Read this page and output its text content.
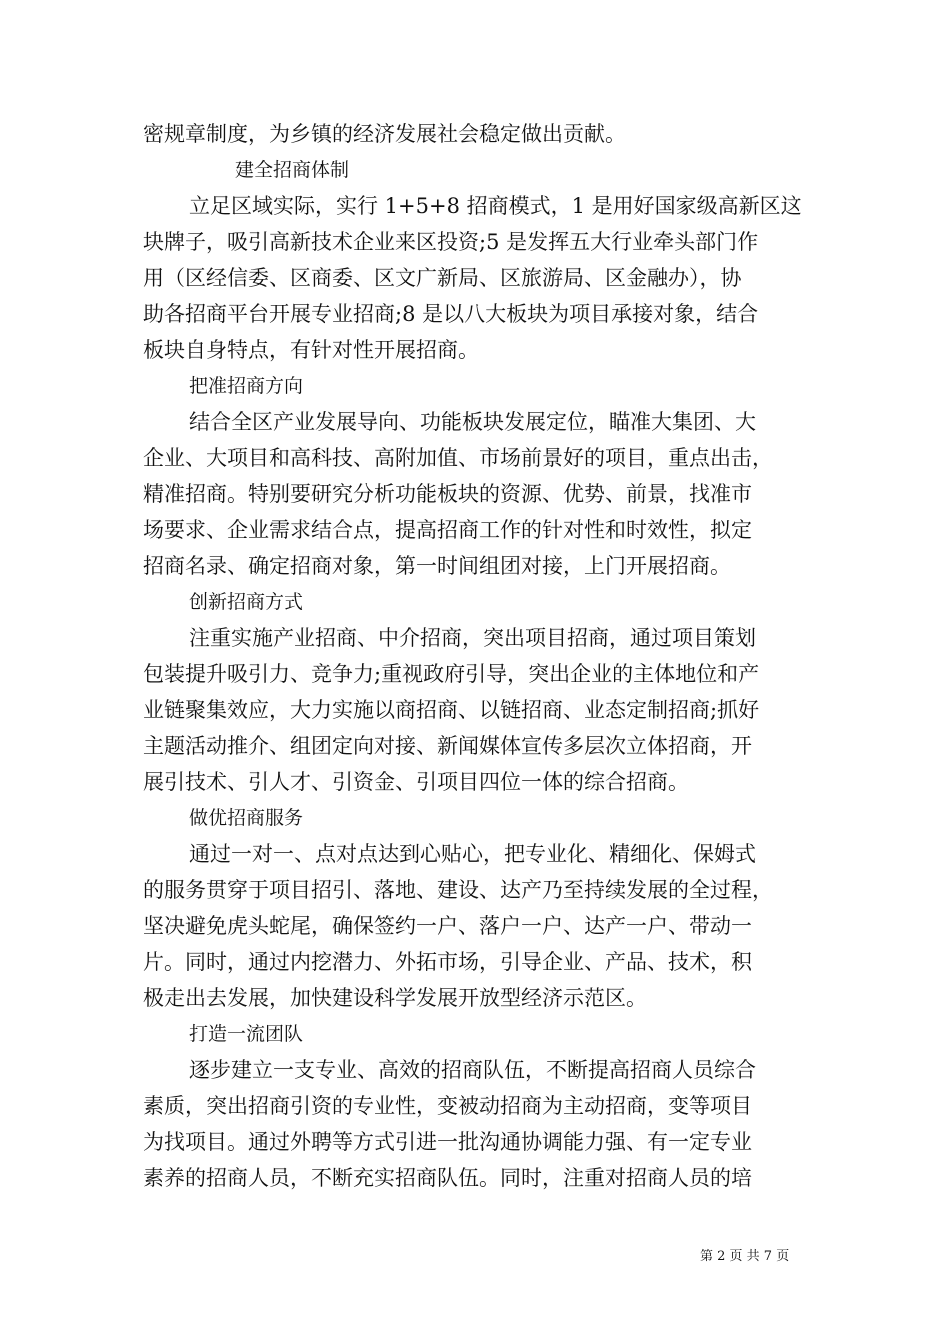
密规章制度，为乡镇的经济发展社会稳定做出贡献。
建全招商体制
立足区域实际，实行 1+5+8 招商模式，1 是用好国家级高新区这
块牌子，吸引高新技术企业来区投资;5 是发挥五大行业牵头部门作
用（区经信委、区商委、区文广新局、区旅游局、区金融办），协
助各招商平台开展专业招商;8 是以八大板块为项目承接对象，结合
板块自身特点，有针对性开展招商。
把准招商方向
结合全区产业发展导向、功能板块发展定位，瞄准大集团、大
企业、大项目和高科技、高附加值、市场前景好的项目，重点出击，
精准招商。特别要研究分析功能板块的资源、优势、前景，找准市
场要求、企业需求结合点，提高招商工作的针对性和时效性，拟定
招商名录、确定招商对象，第一时间组团对接，上门开展招商。
创新招商方式
注重实施产业招商、中介招商，突出项目招商，通过项目策划
包装提升吸引力、竞争力;重视政府引导，突出企业的主体地位和产
业链聚集效应，大力实施以商招商、以链招商、业态定制招商;抓好
主题活动推介、组团定向对接、新闻媒体宣传多层次立体招商，开
展引技术、引人才、引资金、引项目四位一体的综合招商。
做优招商服务
通过一对一、点对点达到心贴心，把专业化、精细化、保姆式
的服务贯穿于项目招引、落地、建设、达产乃至持续发展的全过程，
坚决避免虎头蛇尾，确保签约一户、落户一户、达产一户、带动一
片。同时，通过内挖潜力、外拓市场，引导企业、产品、技术，积
极走出去发展，加快建设科学发展开放型经济示范区。
打造一流团队
逐步建立一支专业、高效的招商队伍，不断提高招商人员综合
素质，突出招商引资的专业性，变被动招商为主动招商，变等项目
为找项目。通过外聘等方式引进一批沟通协调能力强、有一定专业
素养的招商人员，不断充实招商队伍。同时，注重对招商人员的培
第 2 页 共 7 页
